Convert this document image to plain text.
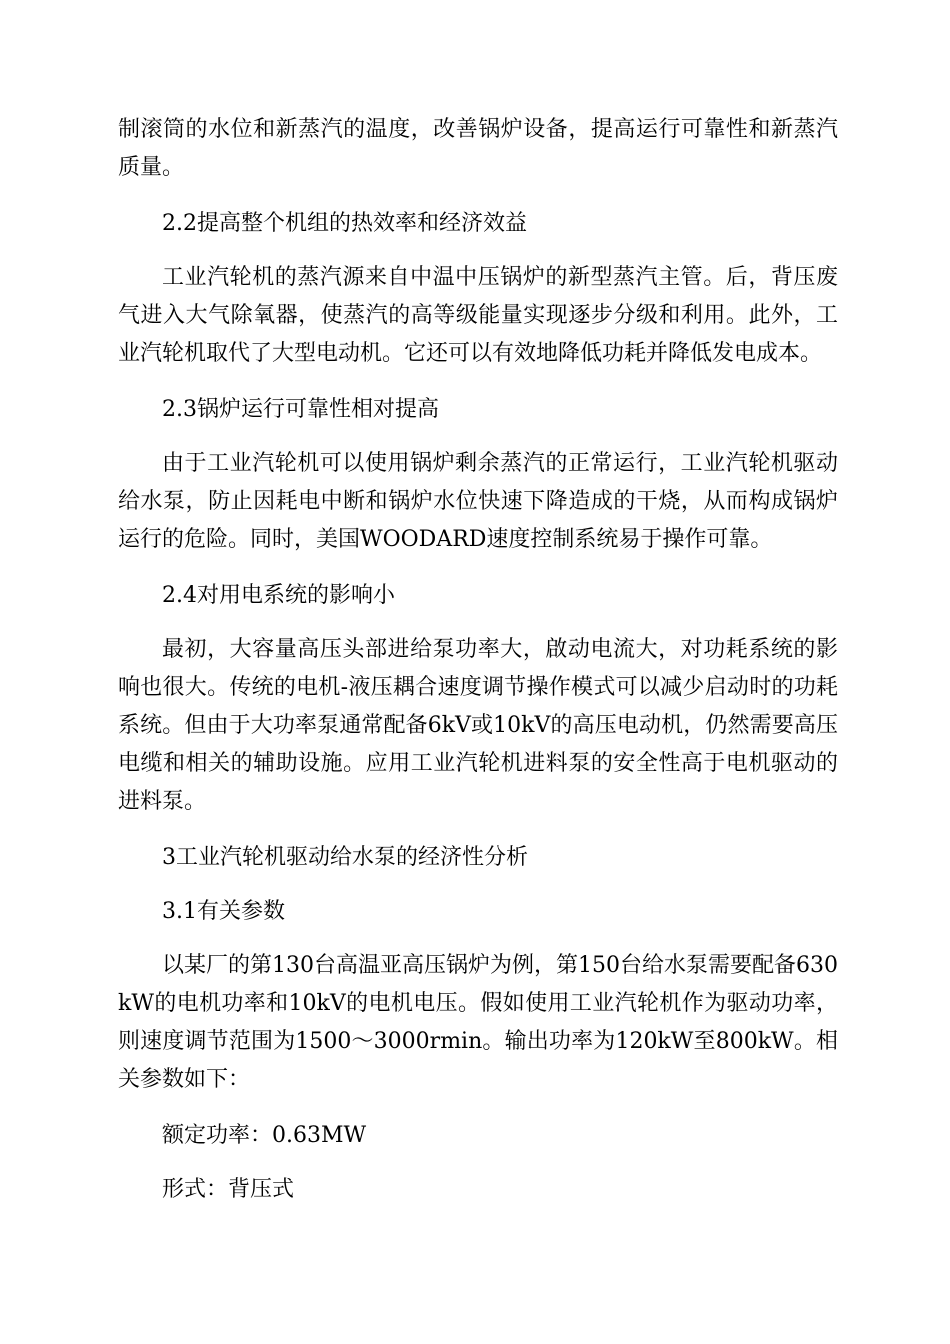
制滚筒的水位和新蒸汽的温度，改善锅炉设备，提高运行可靠性和新蒸汽质量。

2.2提高整个机组的热效率和经济效益

工业汽轮机的蒸汽源来自中温中压锅炉的新型蒸汽主管。后，背压废气进入大气除氧器，使蒸汽的高等级能量实现逐步分级和利用。此外，工业汽轮机取代了大型电动机。它还可以有效地降低功耗并降低发电成本。

2.3锅炉运行可靠性相对提高

由于工业汽轮机可以使用锅炉剩余蒸汽的正常运行，工业汽轮机驱动给水泵，防止因耗电中断和锅炉水位快速下降造成的干烧，从而构成锅炉运行的危险。同时，美国WOODARD速度控制系统易于操作可靠。

2.4对用电系统的影响小

最初，大容量高压头部进给泵功率大，啟动电流大，对功耗系统的影响也很大。传统的电机-液压耦合速度调节操作模式可以减少启动时的功耗系统。但由于大功率泵通常配备6kV或10kV的高压电动机，仍然需要高压电缆和相关的辅助设施。应用工业汽轮机进料泵的安全性高于电机驱动的进料泵。

3工业汽轮机驱动给水泵的经济性分析

3.1有关参数

以某厂的第130台高温亚高压锅炉为例，第150台给水泵需要配备630kW的电机功率和10kV的电机电压。假如使用工业汽轮机作为驱动功率，则速度调节范围为1500～3000rmin。输出功率为120kW至800kW。相关参数如下：

额定功率：0.63MW

形式：背压式
